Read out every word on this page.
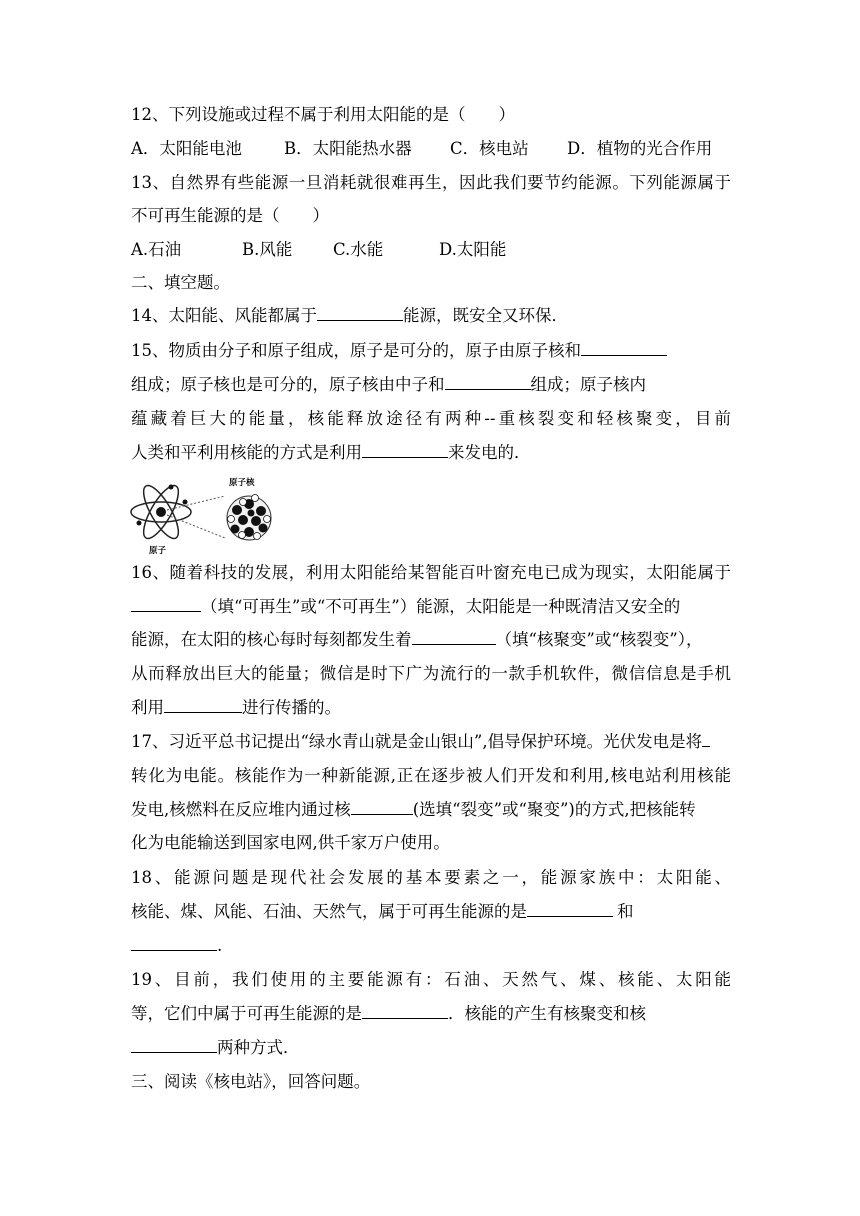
12、下列设施或过程不属于利用太阳能的是（　　）
A．太阳能电池	B．太阳能热水器 C．核电站 D．植物的光合作用
13、自然界有些能源一旦消耗就很难再生，因此我们要节约能源。下列能源属于
不可再生能源的是（　　）
A.石油	B.风能 C.水能	D.太阳能
二、填空题。
14、太阳能、风能都属于	能源，既安全又环保．
15、物质由分子和原子组成，原子是可分的，原子由原子核和
组成；原子核也是可分的，原子核由中子和	组成；原子核内
蕴藏着巨大的能量，核能释放途径有两种--重核裂变和轻核聚变，目前
人类和平利用核能的方式是利用	来发电的．
原子核
原子
16、随着科技的发展，利用太阳能给某智能百叶窗充电已成为现实，太阳能属于
（填“可再生”或“不可再生”）能源，太阳能是一种既清洁又安全的
能源，在太阳的核心每时每刻都发生着	（填“核聚变”或“核裂变”），
从而释放出巨大的能量；微信是时下广为流行的一款手机软件，微信信息是手机
利用	进行传播的。
17、习近平总书记提出“绿水青山就是金山银山”,倡导保护环境。光伏发电是将
转化为电能。核能作为一种新能源,正在逐步被人们开发和利用,核电站利用核能
发电,核燃料在反应堆内通过核	(选填“裂变”或“聚变”)的方式,把核能转
化为电能输送到国家电网,供千家万户使用。
18、能源问题是现代社会发展的基本要素之一，能源家族中：太阳能、
核能、煤、风能、石油、天然气，属于可再生能源的是	和
.
19、目前，我们使用的主要能源有：石油、天然气、煤、核能、太阳能
等，它们中属于可再生能源的是	．核能的产生有核聚变和核
两种方式．
三、阅读《核电站》，回答问题。
